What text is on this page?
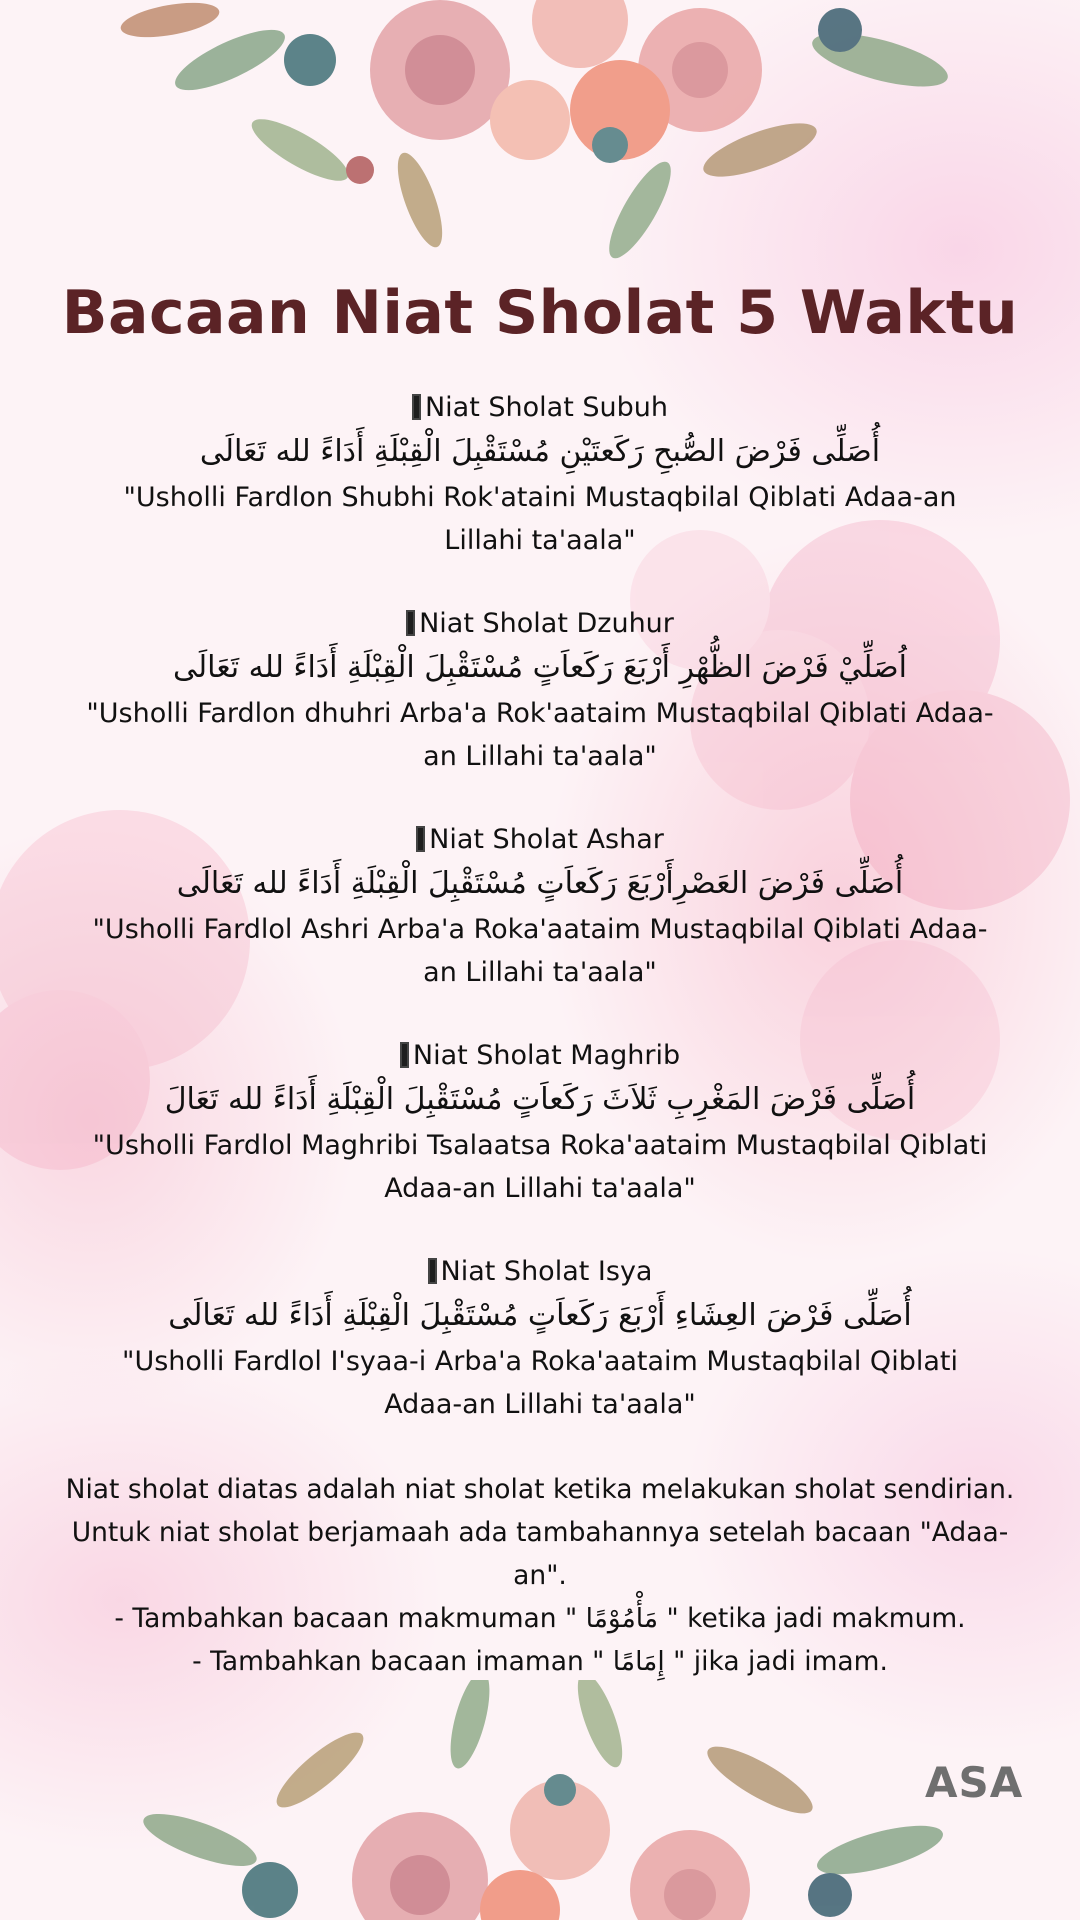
Bacaan Niat Sholat 5 Waktu

Niat Sholat Subuh

أُصَلِّى فَرْضَ الصُّبحِ رَكَعتَيْنِ مُسْتَقْبِلَ الْقِبْلَةِ أَدَاءً لله تَعَالَى

"Usholli Fardlon Shubhi Rok'ataini Mustaqbilal Qiblati Adaa-an Lillahi ta'aala"

Niat Sholat Dzuhur

اُصَلِّيْ فَرْضَ الظُّهْرِ أَرْبَعَ رَكَعاَتٍ مُسْتَقْبِلَ الْقِبْلَةِ أَدَاءً لله تَعَالَى

"Usholli Fardlon dhuhri Arba'a Rok'aataim Mustaqbilal Qiblati Adaa-an Lillahi ta'aala"

Niat Sholat Ashar

أُصَلِّى فَرْضَ العَصْرِأَرْبَعَ رَكَعاَتٍ مُسْتَقْبِلَ الْقِبْلَةِ أَدَاءً لله تَعَالَى

"Usholli Fardlol Ashri Arba'a Roka'aataim Mustaqbilal Qiblati Adaa-an Lillahi ta'aala"

Niat Sholat Maghrib

أُصَلِّى فَرْضَ المَغْرِبِ ثَلاَثَ رَكَعاَتٍ مُسْتَقْبِلَ الْقِبْلَةِ أَدَاءً لله تَعَالَ

"Usholli Fardlol Maghribi Tsalaatsa Roka'aataim Mustaqbilal Qiblati Adaa-an Lillahi ta'aala"

Niat Sholat Isya

أُصَلِّى فَرْضَ العِشَاءِ أَرْبَعَ رَكَعاَتٍ مُسْتَقْبِلَ الْقِبْلَةِ أَدَاءً لله تَعَالَى

"Usholli Fardlol I'syaa-i Arba'a Roka'aataim Mustaqbilal Qiblati Adaa-an Lillahi ta'aala"

Niat sholat diatas adalah niat sholat ketika melakukan sholat sendirian. Untuk niat sholat berjamaah ada tambahannya setelah bacaan "Adaa-an".

- Tambahkan bacaan makmuman " مَأْمُوْمًا " ketika jadi makmum.

- Tambahkan bacaan imaman " إِمَامًا " jika jadi imam.

ASA
